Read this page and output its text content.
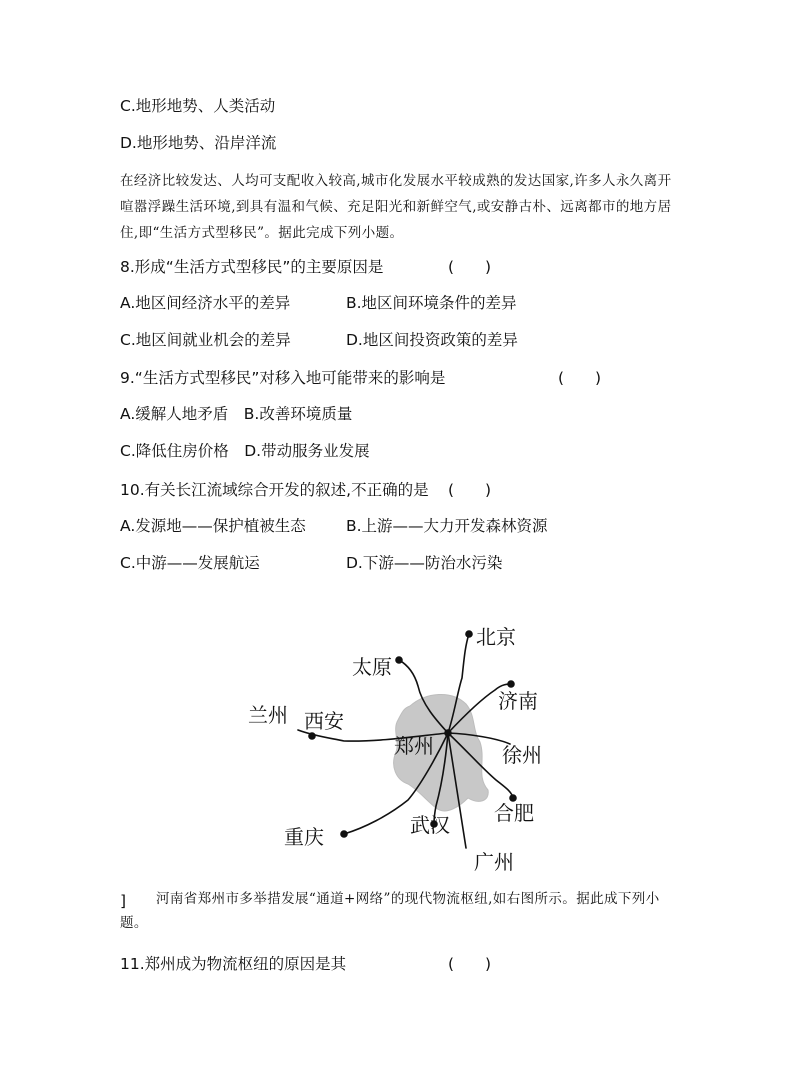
C.地形地势、人类活动
D.地形地势、沿岸洋流
在经济比较发达、人均可支配收入较高,城市化发展水平较成熟的发达国家,许多人永久离开喧嚣浮躁生活环境,到具有温和气候、充足阳光和新鲜空气,或安静古朴、远离都市的地方居住,即“生活方式型移民”。据此完成下列小题。
8.形成“生活方式型移民”的主要原因是	(　　)
A.地区间经济水平的差异	B.地区间环境条件的差异
C.地区间就业机会的差异	D.地区间投资政策的差异
9.“生活方式型移民”对移入地可能带来的影响是	(　　)
A.缓解人地矛盾　B.改善环境质量
C.降低住房价格　D.带动服务业发展
10.有关长江流域综合开发的叙述,不正确的是 (　　)
A.发源地——保护植被生态	B.上游——大力开发森林资源
C.中游——发展航运	D.下游——防治水污染
北京
太原
济南
兰州 西安
郑州	徐州
合肥
武汉
重庆
广州
]	河南省郑州市多举措发展“通道+网络”的现代物流枢纽,如右图所示。据此成下列小题。
11.郑州成为物流枢纽的原因是其	(　　)
